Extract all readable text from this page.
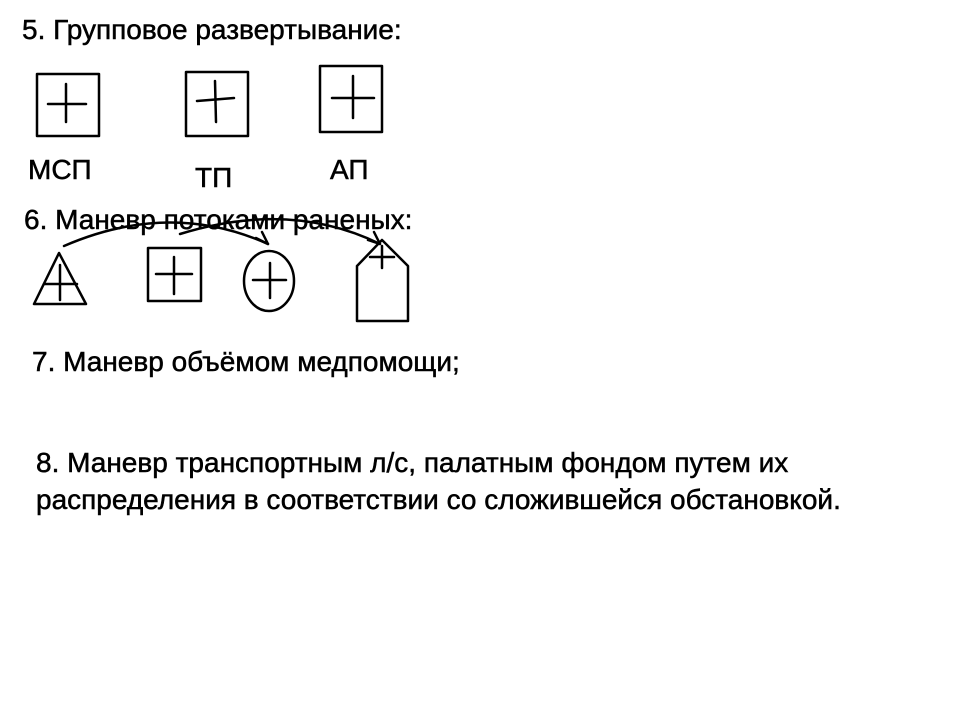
5. Групповое развертывание:
МСП	ТП	АП
6. Маневр потоками раненых:
7. Маневр объёмом медпомощи;
8. Маневр транспортным л/с, палатным фондом путем их распределения в соответствии со сложившейся обстановкой.
